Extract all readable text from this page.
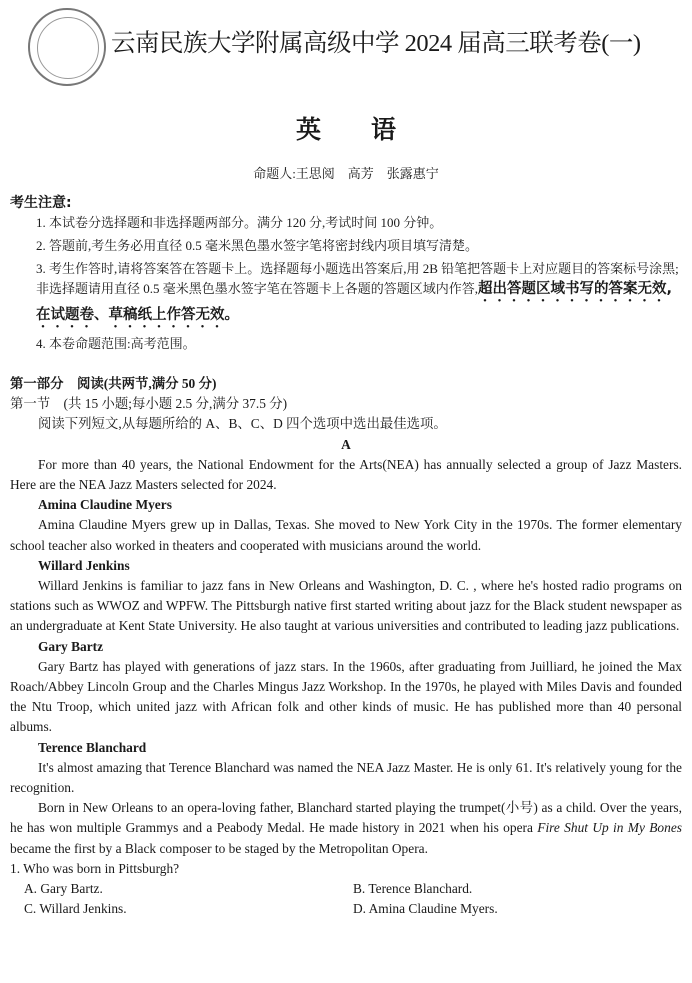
云南民族大学附属高级中学 2024 届高三联考卷(一)
英　　语
命题人:王思阅　高芳　张露惠宁
考生注意:

1. 本试卷分选择题和非选择题两部分。满分 120 分,考试时间 100 分钟。

2. 答题前,考生务必用直径 0.5 毫米黑色墨水签字笔将密封线内项目填写清楚。

3. 考生作答时,请将答案答在答题卡上。选择题每小题选出答案后,用 2B 铅笔把答题卡上对应题目的答案标号涂黑;非选择题请用直径 0.5 毫米黑色墨水签字笔在答题卡上各题的答题区域内作答,超出答题区域书写的答案无效,在试题卷、草稿纸上作答无效。

4. 本卷命题范围:高考范围。

第一部分　阅读(共两节,满分 50 分)

第一节　(共 15 小题;每小题 2.5 分,满分 37.5 分)

阅读下列短文,从每题所给的 A、B、C、D 四个选项中选出最佳选项。

A

For more than 40 years, the National Endowment for the Arts(NEA) has annually selected a group of Jazz Masters. Here are the NEA Jazz Masters selected for 2024.

Amina Claudine Myers

Amina Claudine Myers grew up in Dallas, Texas. She moved to New York City in the 1970s. The former elementary school teacher also worked in theaters and cooperated with musicians around the world.

Willard Jenkins

Willard Jenkins is familiar to jazz fans in New Orleans and Washington, D. C. , where he's hosted radio programs on stations such as WWOZ and WPFW. The Pittsburgh native first started writing about jazz for the Black student newspaper as an undergraduate at Kent State University. He also taught at various universities and contributed to leading jazz publications.

Gary Bartz

Gary Bartz has played with generations of jazz stars. In the 1960s, after graduating from Juilliard, he joined the Max Roach/Abbey Lincoln Group and the Charles Mingus Jazz Workshop. In the 1970s, he played with Miles Davis and founded the Ntu Troop, which united jazz with African folk and other kinds of music. He has published more than 40 personal albums.

Terence Blanchard

It's almost amazing that Terence Blanchard was named the NEA Jazz Master. He is only 61. It's relatively young for the recognition.

Born in New Orleans to an opera-loving father, Blanchard started playing the trumpet(小号) as a child. Over the years, he has won multiple Grammys and a Peabody Medal. He made history in 2021 when his opera Fire Shut Up in My Bones became the first by a Black composer to be staged by the Metropolitan Opera.

1. Who was born in Pittsburgh?

A. Gary Bartz.	B. Terence Blanchard.
C. Willard Jenkins.	D. Amina Claudine Myers.
